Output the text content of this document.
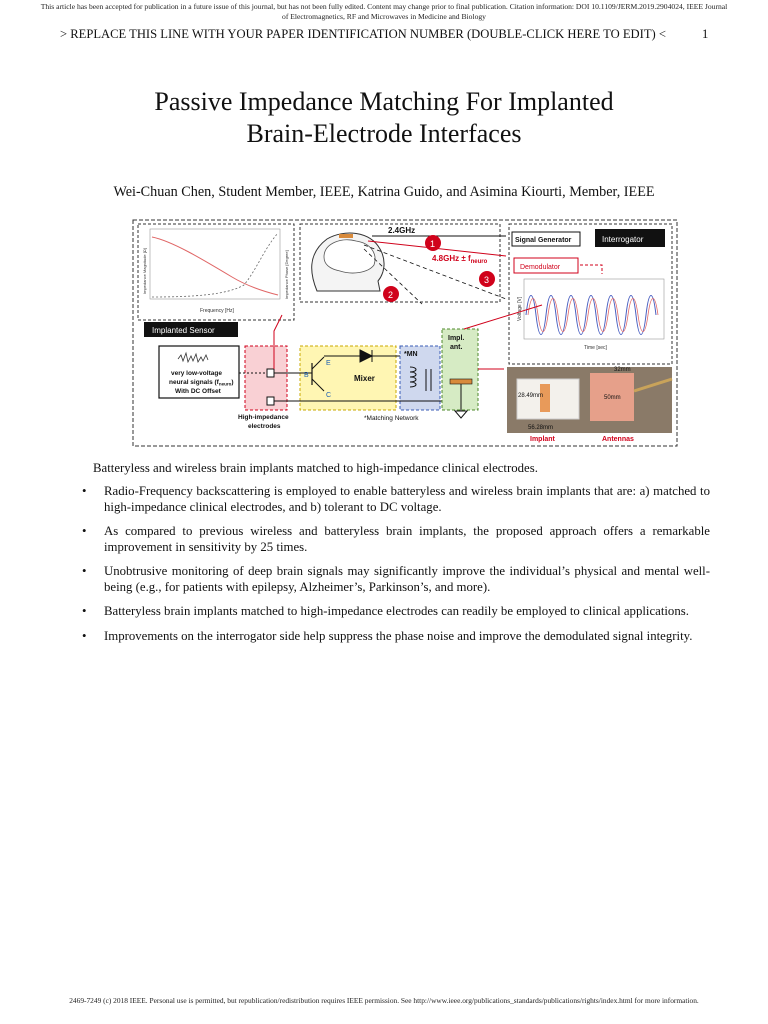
This article has been accepted for publication in a future issue of this journal, but has not been fully edited. Content may change prior to final publication. Citation information: DOI 10.1109/JERM.2019.2904024, IEEE Journal
of Electromagnetics, RF and Microwaves in Medicine and Biology
> REPLACE THIS LINE WITH YOUR PAPER IDENTIFICATION NUMBER (DOUBLE-CLICK HERE TO EDIT) <	1
Passive Impedance Matching For Implanted
Brain-Electrode Interfaces
Wei-Chuan Chen, Student Member, IEEE, Katrina Guido, and Asimina Kiourti, Member, IEEE
Frequency [Hz]
Impedance Magnitude [Ω]	Impedance Phase [Degree]
2.4GHz
$4.8GHz \pm f_{neuro}$
1
2
3
Signal Generator	Interrogator
Demodulator
Time [sec]
Voltage [V]
Implanted Sensor
very low-voltage
neural signals $(f_{neuro})$
With DC Offset
High-impedance
electrodes
B
E
C
Mixer
*MN
*Matching Network
Impl.
ant.
28.49mm
56.28mm
50mm
32mm
Implant	Antennas
Batteryless and wireless brain implants matched to high-impedance clinical electrodes.
• Radio-Frequency backscattering is employed to enable batteryless and wireless brain implants that are: a) matched to high-impedance clinical electrodes, and b) tolerant to DC voltage.
• As compared to previous wireless and batteryless brain implants, the proposed approach offers a remarkable improvement in sensitivity by 25 times.
• Unobtrusive monitoring of deep brain signals may significantly improve the individual’s physical and mental well-being (e.g., for patients with epilepsy, Alzheimer’s, Parkinson’s, and more).
• Batteryless brain implants matched to high-impedance electrodes can readily be employed to clinical applications.
• Improvements on the interrogator side help suppress the phase noise and improve the demodulated signal integrity.
2469-7249 (c) 2018 IEEE. Personal use is permitted, but republication/redistribution requires IEEE permission. See http://www.ieee.org/publications_standards/publications/rights/index.html for more information.
